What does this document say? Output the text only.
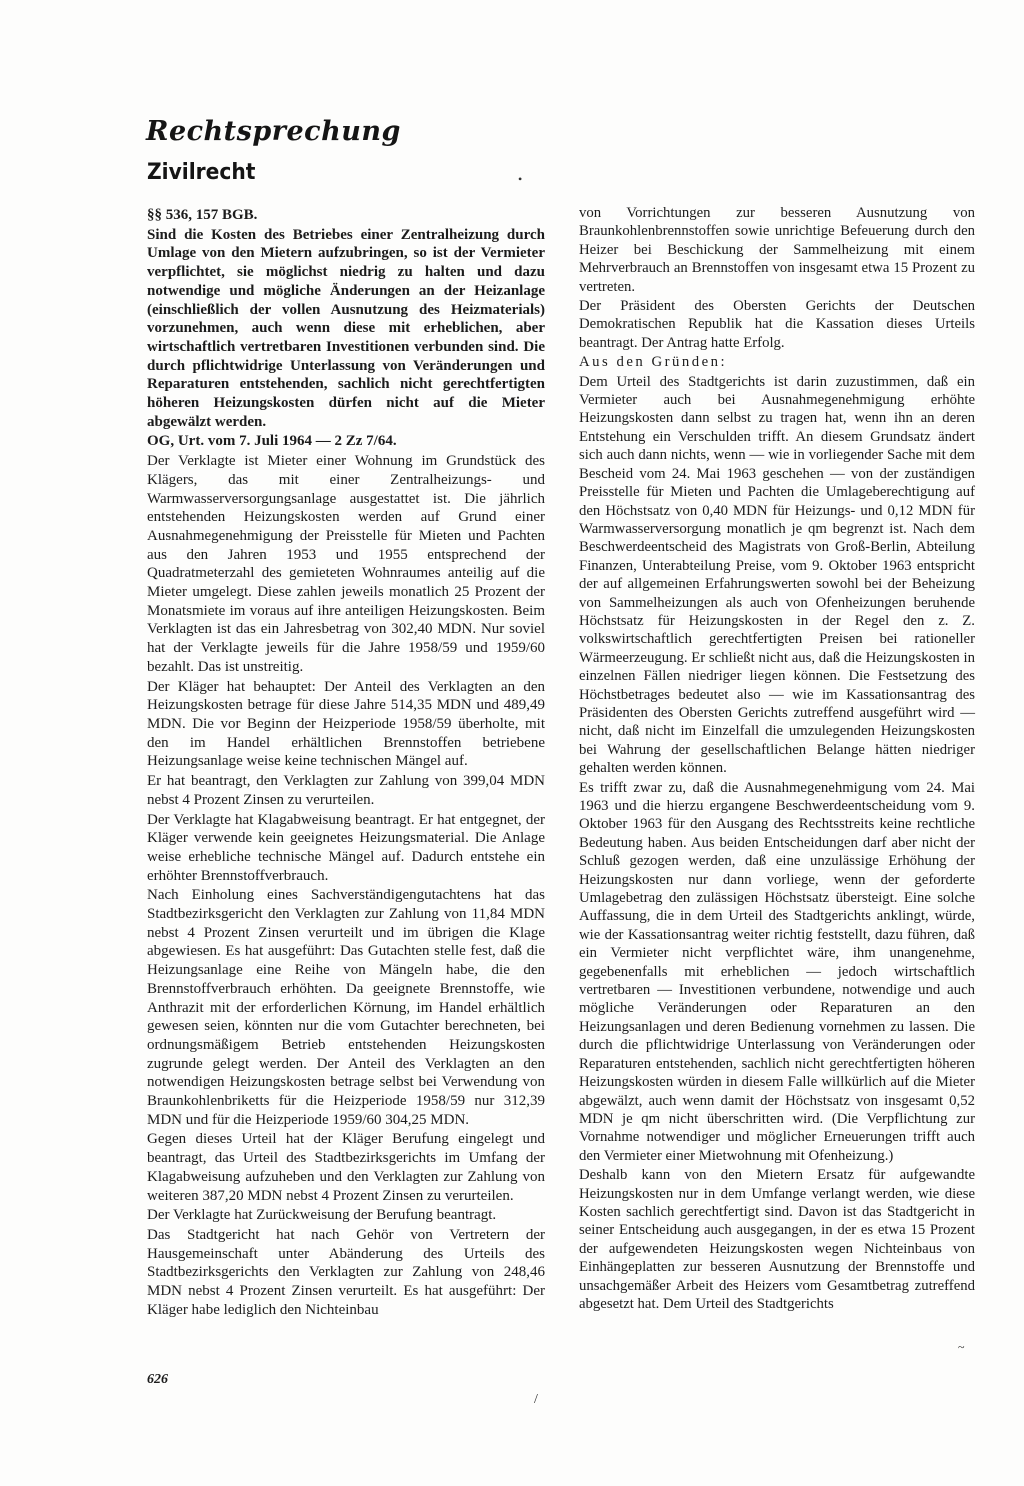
Rechtsprechung
Zivilrecht	•

§§ 536, 157 BGB.

Sind die Kosten des Betriebes einer Zentralheizung durch Umlage von den Mietern aufzubringen, so ist der Vermieter verpflichtet, sie möglichst niedrig zu halten und dazu notwendige und mögliche Änderungen an der Heizanlage (einschließlich der vollen Ausnutzung des Heizmaterials) vorzunehmen, auch wenn diese mit erheblichen, aber wirtschaftlich vertretbaren Investitionen verbunden sind. Die durch pflichtwidrige Unterlassung von Veränderungen und Reparaturen entstehenden, sachlich nicht gerechtfertigten höheren Heizungskosten dürfen nicht auf die Mieter abgewälzt werden.

OG, Urt. vom 7. Juli 1964 — 2 Zz 7/64.

Der Verklagte ist Mieter einer Wohnung im Grundstück des Klägers, das mit einer Zentralheizungs- und Warmwasserversorgungsanlage ausgestattet ist. Die jährlich entstehenden Heizungskosten werden auf Grund einer Ausnahmegenehmigung der Preisstelle für Mieten und Pachten aus den Jahren 1953 und 1955 entsprechend der Quadratmeterzahl des gemieteten Wohnraumes anteilig auf die Mieter umgelegt. Diese zahlen jeweils monatlich 25 Prozent der Monatsmiete im voraus auf ihre anteiligen Heizungskosten. Beim Verklagten ist das ein Jahresbetrag von 302,40 MDN. Nur soviel hat der Verklagte jeweils für die Jahre 1958/59 und 1959/60 bezahlt. Das ist unstreitig.

Der Kläger hat behauptet: Der Anteil des Verklagten an den Heizungskosten betrage für diese Jahre 514,35 MDN und 489,49 MDN. Die vor Beginn der Heizperiode 1958/59 überholte, mit den im Handel erhältlichen Brennstoffen betriebene Heizungsanlage weise keine technischen Mängel auf.

Er hat beantragt, den Verklagten zur Zahlung von 399,04 MDN nebst 4 Prozent Zinsen zu verurteilen.

Der Verklagte hat Klagabweisung beantragt. Er hat entgegnet, der Kläger verwende kein geeignetes Heizungsmaterial. Die Anlage weise erhebliche technische Mängel auf. Dadurch entstehe ein erhöhter Brennstoffverbrauch.

Nach Einholung eines Sachverständigengutachtens hat das Stadtbezirksgericht den Verklagten zur Zahlung von 11,84 MDN nebst 4 Prozent Zinsen verurteilt und im übrigen die Klage abgewiesen. Es hat ausgeführt: Das Gutachten stelle fest, daß die Heizungsanlage eine Reihe von Mängeln habe, die den Brennstoffverbrauch erhöhten. Da geeignete Brennstoffe, wie Anthrazit mit der erforderlichen Körnung, im Handel erhältlich gewesen seien, könnten nur die vom Gutachter berechneten, bei ordnungsmäßigem Betrieb entstehenden Heizungskosten zugrunde gelegt werden. Der Anteil des Verklagten an den notwendigen Heizungskosten betrage selbst bei Verwendung von Braunkohlenbriketts für die Heizperiode 1958/59 nur 312,39 MDN und für die Heizperiode 1959/60 304,25 MDN.

Gegen dieses Urteil hat der Kläger Berufung eingelegt und beantragt, das Urteil des Stadtbezirksgerichts im Umfang der Klagabweisung aufzuheben und den Verklagten zur Zahlung von weiteren 387,20 MDN nebst 4 Prozent Zinsen zu verurteilen.

Der Verklagte hat Zurückweisung der Berufung beantragt.

Das Stadtgericht hat nach Gehör von Vertretern der Hausgemeinschaft unter Abänderung des Urteils des Stadtbezirksgerichts den Verklagten zur Zahlung von 248,46 MDN nebst 4 Prozent Zinsen verurteilt. Es hat ausgeführt: Der Kläger habe lediglich den Nichteinbau

von Vorrichtungen zur besseren Ausnutzung von Braunkohlenbrennstoffen sowie unrichtige Befeuerung durch den Heizer bei Beschickung der Sammelheizung mit einem Mehrverbrauch an Brennstoffen von insgesamt etwa 15 Prozent zu vertreten.

Der Präsident des Obersten Gerichts der Deutschen Demokratischen Republik hat die Kassation dieses Urteils beantragt. Der Antrag hatte Erfolg.

Aus den Gründen:

Dem Urteil des Stadtgerichts ist darin zuzustimmen, daß ein Vermieter auch bei Ausnahmegenehmigung erhöhte Heizungskosten dann selbst zu tragen hat, wenn ihn an deren Entstehung ein Verschulden trifft. An diesem Grundsatz ändert sich auch dann nichts, wenn — wie in vorliegender Sache mit dem Bescheid vom 24. Mai 1963 geschehen — von der zuständigen Preisstelle für Mieten und Pachten die Umlageberechtigung auf den Höchstsatz von 0,40 MDN für Heizungs- und 0,12 MDN für Warmwasserversorgung monatlich je qm begrenzt ist. Nach dem Beschwerdeentscheid des Magistrats von Groß-Berlin, Abteilung Finanzen, Unterabteilung Preise, vom 9. Oktober 1963 entspricht der auf allgemeinen Erfahrungswerten sowohl bei der Beheizung von Sammelheizungen als auch von Ofenheizungen beruhende Höchstsatz für Heizungskosten in der Regel den z. Z. volkswirtschaftlich gerechtfertigten Preisen bei rationeller Wärmeerzeugung. Er schließt nicht aus, daß die Heizungskosten in einzelnen Fällen niedriger liegen können. Die Festsetzung des Höchstbetrages bedeutet also — wie im Kassationsantrag des Präsidenten des Obersten Gerichts zutreffend ausgeführt wird — nicht, daß nicht im Einzelfall die umzulegenden Heizungskosten bei Wahrung der gesellschaftlichen Belange hätten niedriger gehalten werden können.

Es trifft zwar zu, daß die Ausnahmegenehmigung vom 24. Mai 1963 und die hierzu ergangene Beschwerdeentscheidung vom 9. Oktober 1963 für den Ausgang des Rechtsstreits keine rechtliche Bedeutung haben. Aus beiden Entscheidungen darf aber nicht der Schluß gezogen werden, daß eine unzulässige Erhöhung der Heizungskosten nur dann vorliege, wenn der geforderte Umlagebetrag den zulässigen Höchstsatz übersteigt. Eine solche Auffassung, die in dem Urteil des Stadtgerichts anklingt, würde, wie der Kassationsantrag weiter richtig feststellt, dazu führen, daß ein Vermieter nicht verpflichtet wäre, ihm unangenehme, gegebenenfalls mit erheblichen — jedoch wirtschaftlich vertretbaren — Investitionen verbundene, notwendige und auch mögliche Veränderungen oder Reparaturen an den Heizungsanlagen und deren Bedienung vornehmen zu lassen. Die durch die pflichtwidrige Unterlassung von Veränderungen oder Reparaturen entstehenden, sachlich nicht gerechtfertigten höheren Heizungskosten würden in diesem Falle willkürlich auf die Mieter abgewälzt, auch wenn damit der Höchstsatz von insgesamt 0,52 MDN je qm nicht überschritten wird. (Die Verpflichtung zur Vornahme notwendiger und möglicher Erneuerungen trifft auch den Vermieter einer Mietwohnung mit Ofenheizung.)

Deshalb kann von den Mietern Ersatz für aufgewandte Heizungskosten nur in dem Umfange verlangt werden, wie diese Kosten sachlich gerechtfertigt sind. Davon ist das Stadtgericht in seiner Entscheidung auch ausgegangen, in der es etwa 15 Prozent der aufgewendeten Heizungskosten wegen Nichteinbaus von Einhängeplatten zur besseren Ausnutzung der Brennstoffe und unsachgemäßer Arbeit des Heizers vom Gesamtbetrag zutreffend abgesetzt hat. Dem Urteil des Stadtgerichts

~
626
/
